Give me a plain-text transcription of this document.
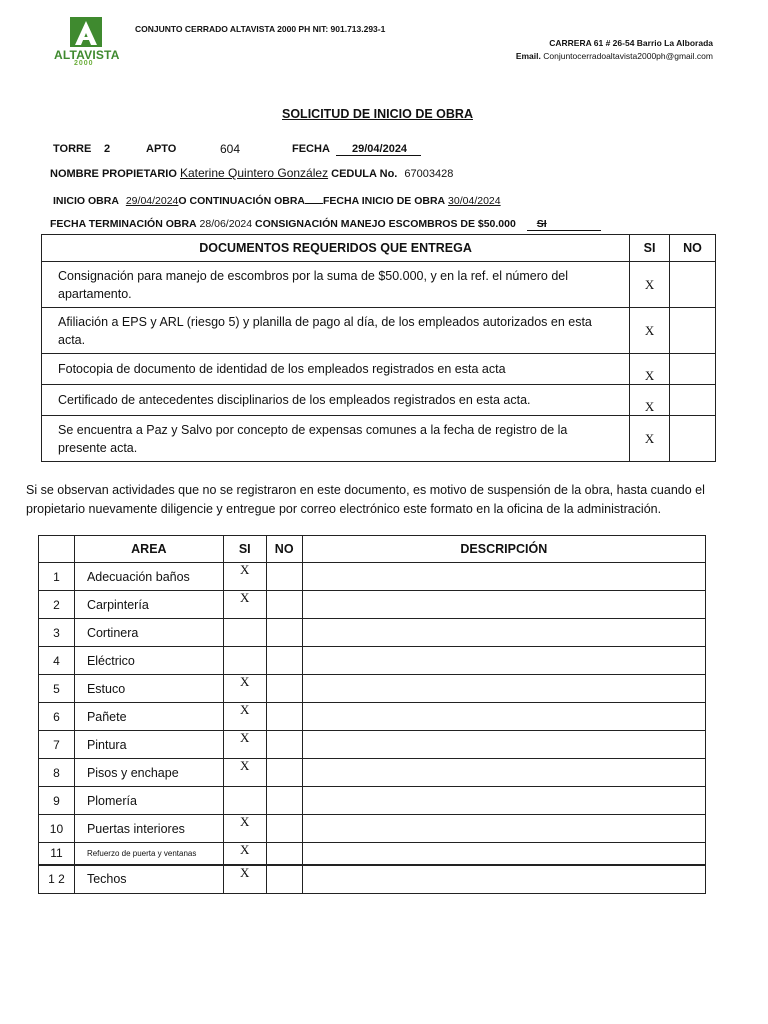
ALTAVISTA
2000
CONJUNTO CERRADO ALTAVISTA 2000 PH NIT: 901.713.293-1
CARRERA 61 # 26-54 Barrio La Alborada
Email. Conjuntocerradoaltavista2000ph@gmail.com
SOLICITUD DE INICIO DE OBRA
TORRE 2	APTO	604	FECHA	29/04/2024
NOMBRE PROPIETARIO Katerine Quintero González CEDULA No. 67003428
INICIO OBRA 29/04/2024O CONTINUACIÓN OBRA FECHA INICIO DE OBRA 30/04/2024
FECHA TERMINACIÓN OBRA 28/06/2024 CONSIGNACIÓN MANEJO ESCOMBROS DE $50.000 SI
DOCUMENTOS REQUERIDOS QUE ENTREGA	SI	NO
Consignación para manejo de escombros por la suma de $50.000, y en la ref. el número del apartamento.	X	
Afiliación a EPS y ARL (riesgo 5) y planilla de pago al día, de los empleados autorizados en esta acta.	X	
Fotocopia de documento de identidad de los empleados registrados en esta acta	X	
Certificado de antecedentes disciplinarios de los empleados registrados en esta acta.	X	
Se encuentra a Paz y Salvo por concepto de expensas comunes a la fecha de registro de la presente acta.	X	
Si se observan actividades que no se registraron en este documento, es motivo de suspensión de la obra, hasta cuando el propietario nuevamente diligencie y entregue por correo electrónico este formato en la oficina de la administración.
	AREA	SI	NO	DESCRIPCIÓN
1	Adecuación baños	X		
2	Carpintería	X		
3	Cortinera			
4	Eléctrico			
5	Estuco	X		
6	Pañete	X		
7	Pintura	X		
8	Pisos y enchape	X		
9	Plomería			
10	Puertas interiores	X		
11	Refuerzo de puerta y ventanas	X		
1 2	Techos	X		
